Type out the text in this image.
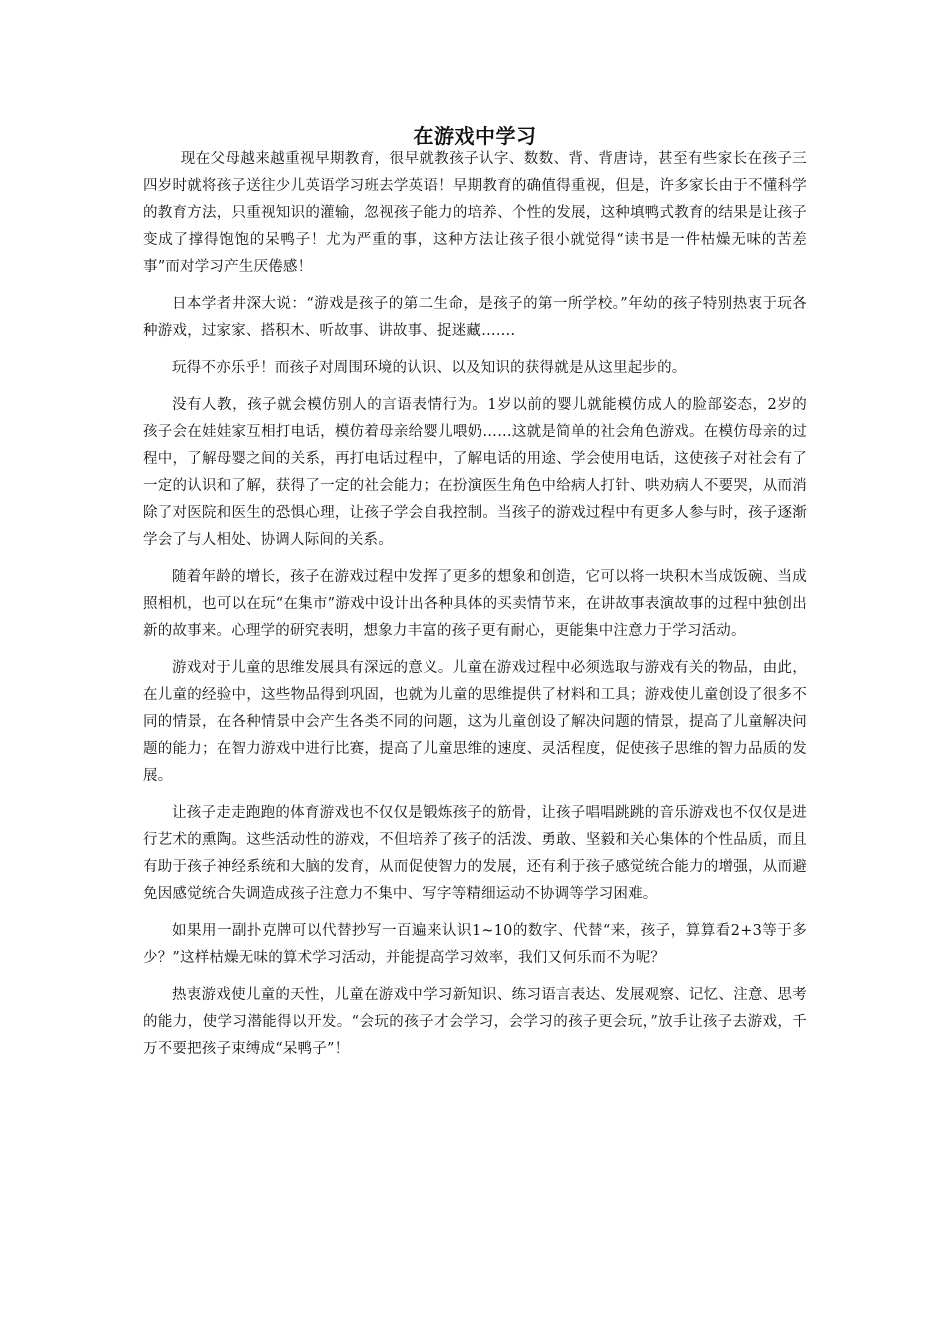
在游戏中学习

现在父母越来越重视早期教育，很早就教孩子认字、数数、背、背唐诗，甚至有些家长在孩子三四岁时就将孩子送往少儿英语学习班去学英语！早期教育的确值得重视，但是，许多家长由于不懂科学的教育方法，只重视知识的灌输，忽视孩子能力的培养、个性的发展，这种填鸭式教育的结果是让孩子变成了撑得饱饱的呆鸭子！尤为严重的事，这种方法让孩子很小就觉得“读书是一件枯燥无味的苦差事”而对学习产生厌倦感！

日本学者井深大说：“游戏是孩子的第二生命，是孩子的第一所学校。”年幼的孩子特别热衷于玩各种游戏，过家家、搭积木、听故事、讲故事、捉迷藏…….

玩得不亦乐乎！而孩子对周围环境的认识、以及知识的获得就是从这里起步的。

没有人教，孩子就会模仿别人的言语表情行为。1岁以前的婴儿就能模仿成人的脸部姿态，2岁的孩子会在娃娃家互相打电话，模仿着母亲给婴儿喂奶……这就是简单的社会角色游戏。在模仿母亲的过程中，了解母婴之间的关系，再打电话过程中，了解电话的用途、学会使用电话，这使孩子对社会有了一定的认识和了解，获得了一定的社会能力；在扮演医生角色中给病人打针、哄劝病人不要哭，从而消除了对医院和医生的恐惧心理，让孩子学会自我控制。当孩子的游戏过程中有更多人参与时，孩子逐渐学会了与人相处、协调人际间的关系。

随着年龄的增长，孩子在游戏过程中发挥了更多的想象和创造，它可以将一块积木当成饭碗、当成照相机，也可以在玩“在集市”游戏中设计出各种具体的买卖情节来，在讲故事表演故事的过程中独创出新的故事来。心理学的研究表明，想象力丰富的孩子更有耐心，更能集中注意力于学习活动。

游戏对于儿童的思维发展具有深远的意义。儿童在游戏过程中必须选取与游戏有关的物品，由此，在儿童的经验中，这些物品得到巩固，也就为儿童的思维提供了材料和工具；游戏使儿童创设了很多不同的情景，在各种情景中会产生各类不同的问题，这为儿童创设了解决问题的情景，提高了儿童解决问题的能力；在智力游戏中进行比赛，提高了儿童思维的速度、灵活程度，促使孩子思维的智力品质的发展。

让孩子走走跑跑的体育游戏也不仅仅是锻炼孩子的筋骨，让孩子唱唱跳跳的音乐游戏也不仅仅是进行艺术的熏陶。这些活动性的游戏，不但培养了孩子的活泼、勇敢、坚毅和关心集体的个性品质，而且有助于孩子神经系统和大脑的发育，从而促使智力的发展，还有利于孩子感觉统合能力的增强，从而避免因感觉统合失调造成孩子注意力不集中、写字等精细运动不协调等学习困难。

如果用一副扑克牌可以代替抄写一百遍来认识1~10的数字、代替“来，孩子，算算看2+3等于多少？”这样枯燥无味的算术学习活动，并能提高学习效率，我们又何乐而不为呢？

热衷游戏使儿童的天性，儿童在游戏中学习新知识、练习语言表达、发展观察、记忆、注意、思考的能力，使学习潜能得以开发。“会玩的孩子才会学习，会学习的孩子更会玩，”放手让孩子去游戏，千万不要把孩子束缚成“呆鸭子”！
